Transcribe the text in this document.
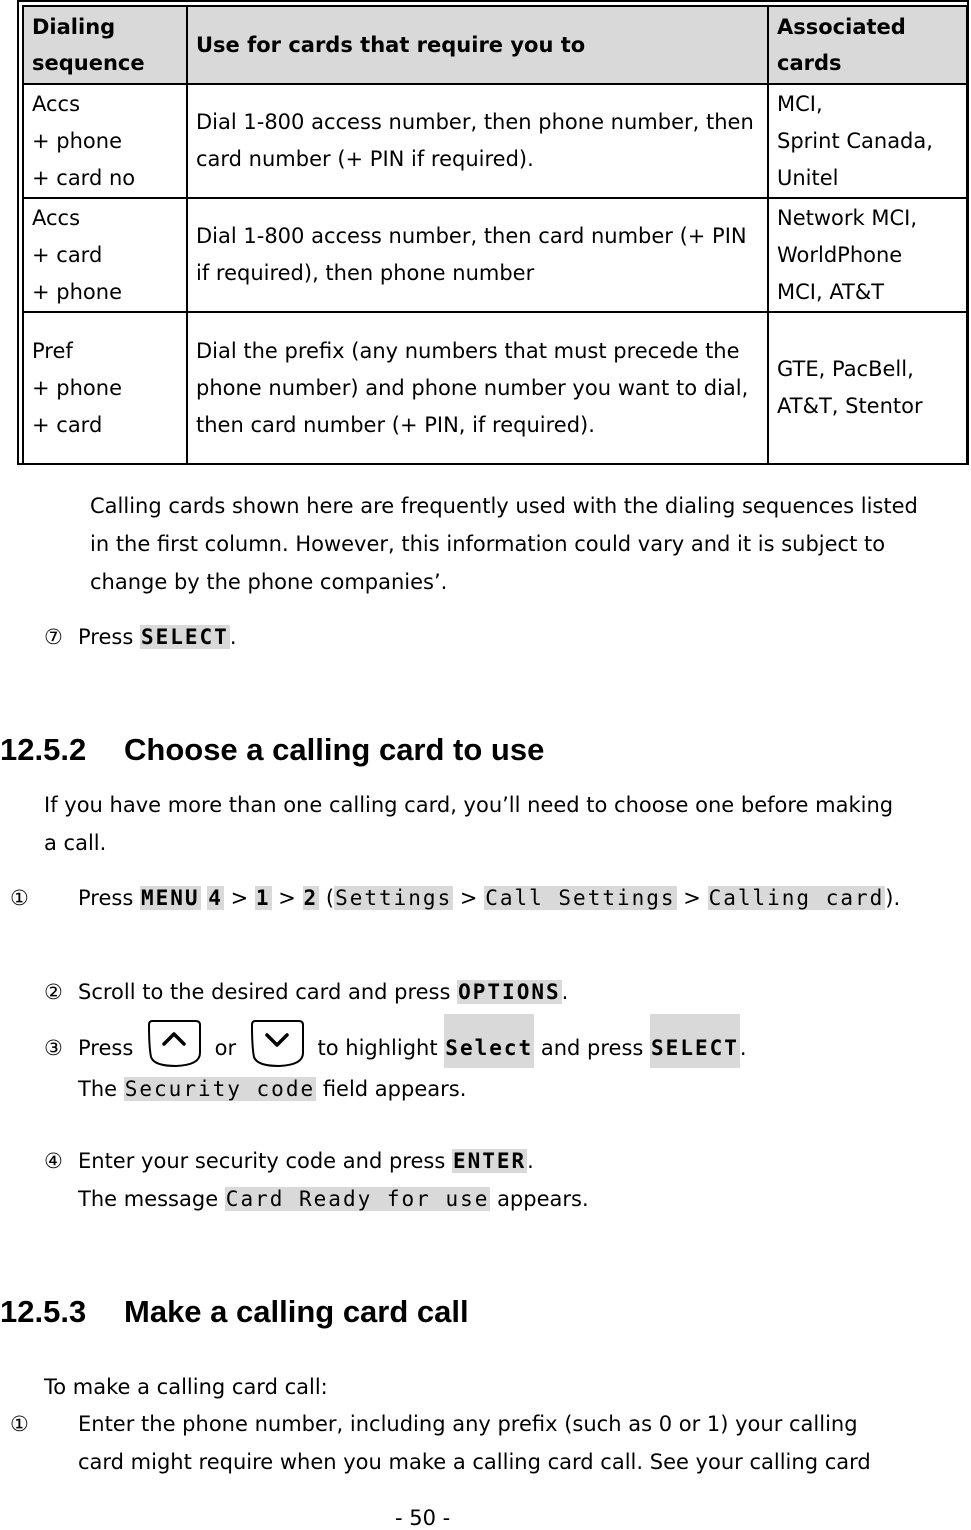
Dialing sequence	Use for cards that require you to	Associated cards

Accs
+ phone
+ card no	Dial 1-800 access number, then phone number, then card number (+ PIN if required).	MCI,
Sprint Canada,
Unitel

Accs
+ card
+ phone	Dial 1-800 access number, then card number (+ PIN if required), then phone number	Network MCI,
WorldPhone
MCI, AT&T

Pref
+ phone
+ card	Dial the prefix (any numbers that must precede the phone number) and phone number you want to dial, then card number (+ PIN, if required).	GTE, PacBell,
AT&T, Stentor
Calling cards shown here are frequently used with the dialing sequences listed in the first column. However, this information could vary and it is subject to change by the phone companies’.
⑦ Press SELECT.
12.5.2 Choose a calling card to use
If you have more than one calling card, you’ll need to choose one before making a call.
① Press MENU 4 > 1 > 2 (Settings > Call Settings > Calling card).
② Scroll to the desired card and press OPTIONS.
③ Press	or	to highlight Select and press SELECT.
The Security code field appears.
④ Enter your security code and press ENTER.
The message Card Ready for use appears.
12.5.3 Make a calling card call
To make a calling card call:
① Enter the phone number, including any prefix (such as 0 or 1) your calling
card might require when you make a calling card call. See your calling card
- 50 -
